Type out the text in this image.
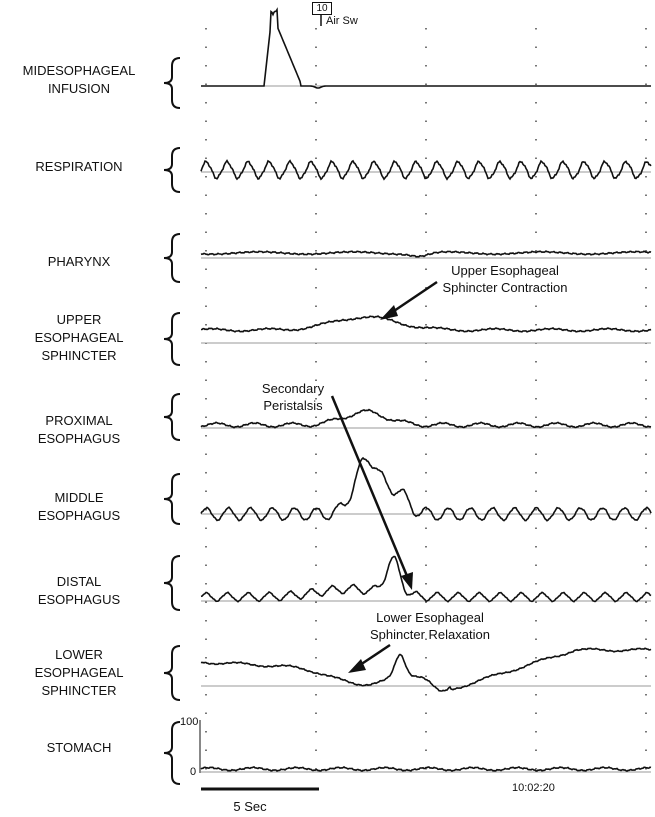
MIDESOPHAGEAL
INFUSION
RESPIRATION
PHARYNX
UPPER
ESOPHAGEAL
SPHINCTER
PROXIMAL
ESOPHAGUS
MIDDLE
ESOPHAGUS
DISTAL
ESOPHAGUS
LOWER
ESOPHAGEAL
SPHINCTER
STOMACH
Upper Esophageal
Sphincter Contraction
Secondary
Peristalsis
Lower Esophageal
Sphincter Relaxation
10
Air Sw
100
0
10:02:20
5 Sec
